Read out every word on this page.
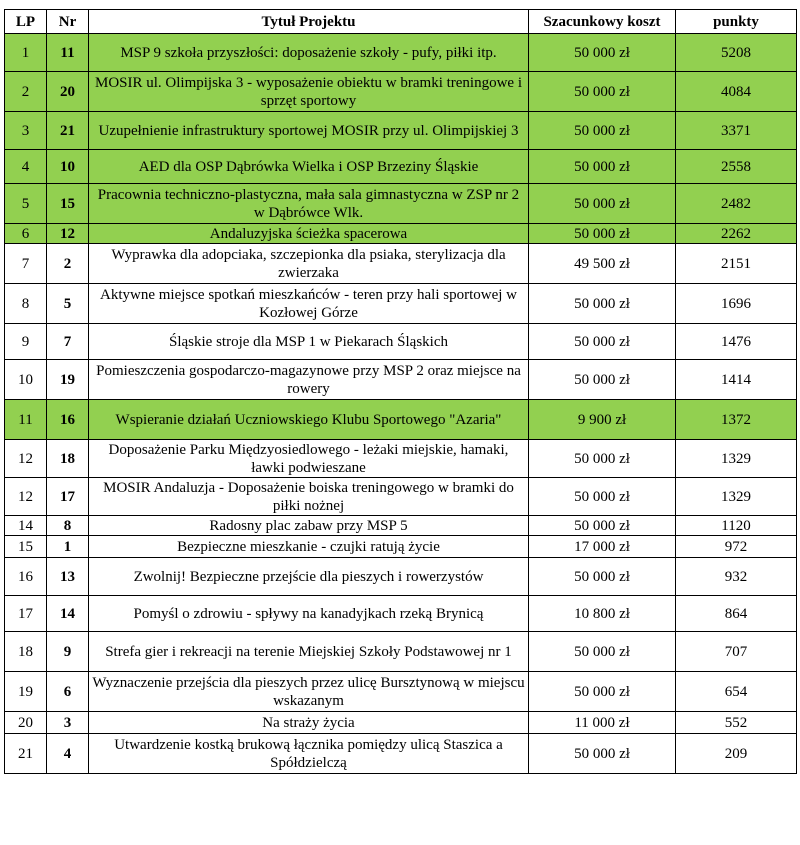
LP	Nr	Tytuł Projektu	Szacunkowy koszt	punkty
1	11	MSP 9 szkoła przyszłości: doposażenie szkoły - pufy, piłki itp.	50 000 zł	5208
2	20	MOSIR ul. Olimpijska 3 - wyposażenie obiektu w bramki treningowe i sprzęt sportowy	50 000 zł	4084
3	21	Uzupełnienie infrastruktury sportowej MOSIR przy ul. Olimpijskiej 3	50 000 zł	3371
4	10	AED dla OSP Dąbrówka Wielka i OSP Brzeziny Śląskie	50 000 zł	2558
5	15	Pracownia techniczno-plastyczna, mała sala gimnastyczna w ZSP nr 2 w Dąbrówce Wlk.	50 000 zł	2482
6	12	Andaluzyjska ścieżka spacerowa	50 000 zł	2262
7	2	Wyprawka dla adopciaka, szczepionka dla psiaka, sterylizacja dla zwierzaka	49 500 zł	2151
8	5	Aktywne miejsce spotkań mieszkańców - teren przy hali sportowej w Kozłowej Górze	50 000 zł	1696
9	7	Śląskie stroje dla MSP 1 w Piekarach Śląskich	50 000 zł	1476
10	19	Pomieszczenia gospodarczo-magazynowe przy MSP 2 oraz miejsce na rowery	50 000 zł	1414
11	16	Wspieranie działań Uczniowskiego Klubu Sportowego "Azaria"	9 900 zł	1372
12	18	Doposażenie Parku Międzyosiedlowego - leżaki miejskie, hamaki, ławki podwieszane	50 000 zł	1329
12	17	MOSIR Andaluzja - Doposażenie boiska treningowego w bramki do piłki nożnej	50 000 zł	1329
14	8	Radosny plac zabaw przy MSP 5	50 000 zł	1120
15	1	Bezpieczne mieszkanie - czujki ratują życie	17 000 zł	972
16	13	Zwolnij! Bezpieczne przejście dla pieszych i rowerzystów	50 000 zł	932
17	14	Pomyśl o zdrowiu - spływy na kanadyjkach rzeką Brynicą	10 800 zł	864
18	9	Strefa gier i rekreacji na terenie Miejskiej Szkoły Podstawowej nr 1	50 000 zł	707
19	6	Wyznaczenie przejścia dla pieszych przez ulicę Bursztynową w miejscu wskazanym	50 000 zł	654
20	3	Na straży życia	11 000 zł	552
21	4	Utwardzenie kostką brukową łącznika pomiędzy ulicą Staszica a Spółdzielczą	50 000 zł	209
